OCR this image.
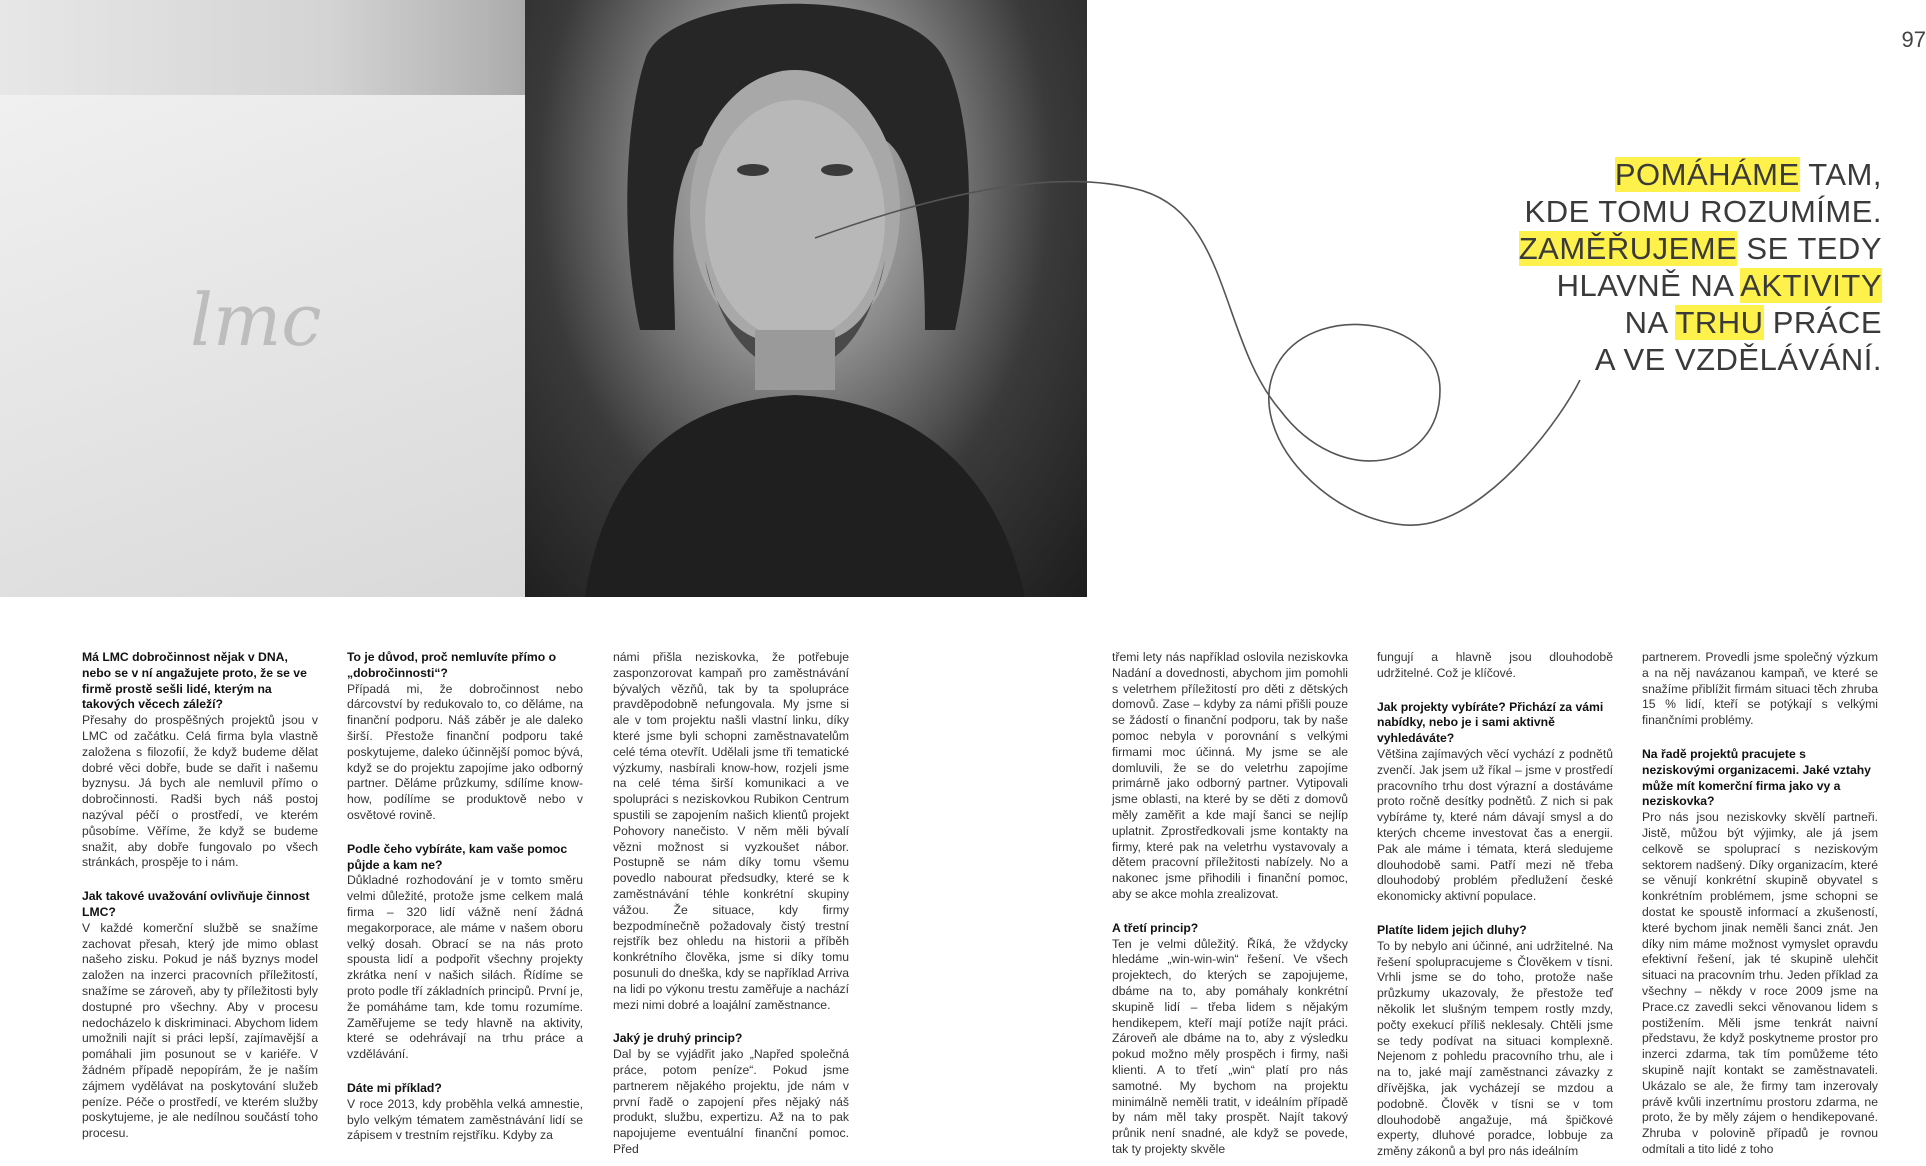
97
lmc
POMÁHÁME TAM,
KDE TOMU ROZUMÍME.
ZAMĚŘUJEME SE TEDY
HLAVNĚ NA AKTIVITY
NA TRHU PRÁCE
A VE VZDĚLÁVÁNÍ.

Má LMC dobročinnost nějak v DNA, nebo se v ní angažujete proto, že se ve firmě prostě sešli lidé, kterým na takových věcech záleží?

Přesahy do prospěšných projektů jsou v LMC od začátku. Celá firma byla vlastně založena s filozofií, že když budeme dělat dobré věci dobře, bude se dařit i našemu byznysu. Já bych ale nemluvil přímo o dobročinnosti. Radši bych náš postoj nazýval péčí o prostředí, ve kterém působíme. Věříme, že když se budeme snažit, aby dobře fungovalo po všech stránkách, prospěje to i nám.

Jak takové uvažování ovlivňuje činnost LMC?

V každé komerční službě se snažíme zachovat přesah, který jde mimo oblast našeho zisku. Pokud je náš byznys model založen na inzerci pracovních příležitostí, snažíme se zároveň, aby ty příležitosti byly dostupné pro všechny. Aby v procesu nedocházelo k diskriminaci. Abychom lidem umožnili najít si práci lepší, zajímavější a pomáhali jim posunout se v kariéře. V žádném případě nepopírám, že je naším zájmem vydělávat na poskytování služeb peníze. Péče o prostředí, ve kterém služby poskytujeme, je ale nedílnou součástí toho procesu.

To je důvod, proč nemluvíte přímo o „dobročinnosti“?

Případá mi, že dobročinnost nebo dárcovství by redukovalo to, co děláme, na finanční podporu. Náš záběr je ale daleko širší. Přestože finanční podporu také poskytujeme, daleko účinnější pomoc bývá, když se do projektu zapojíme jako odborný partner. Děláme průzkumy, sdílíme know-how, podílíme se produktově nebo v osvětové rovině.

Podle čeho vybíráte, kam vaše pomoc půjde a kam ne?

Důkladné rozhodování je v tomto směru velmi důležité, protože jsme celkem malá firma – 320 lidí vážně není žádná megakorporace, ale máme v našem oboru velký dosah. Obrací se na nás proto spousta lidí a podpořit všechny projekty zkrátka není v našich silách. Řídíme se proto podle tří základních principů. První je, že pomáháme tam, kde tomu rozumíme. Zaměřujeme se tedy hlavně na aktivity, které se odehrávají na trhu práce a vzdělávání.

Dáte mi příklad?

V roce 2013, kdy proběhla velká amnestie, bylo velkým tématem zaměstnávání lidí se zápisem v trestním rejstříku. Kdyby za

námi přišla neziskovka, že potřebuje zasponzorovat kampaň pro zaměstnávání bývalých vězňů, tak by ta spolupráce pravděpodobně nefungovala. My jsme si ale v tom projektu našli vlastní linku, díky které jsme byli schopni zaměstnavatelům celé téma otevřít. Udělali jsme tři tematické výzkumy, nasbírali know-how, rozjeli jsme na celé téma širší komunikaci a ve spolupráci s neziskovkou Rubikon Centrum spustili se zapojením našich klientů projekt Pohovory nanečisto. V něm měli bývalí vězni možnost si vyzkoušet nábor. Postupně se nám díky tomu všemu povedlo nabourat předsudky, které se k zaměstnávání téhle konkrétní skupiny vážou. Že situace, kdy firmy bezpodmínečně požadovaly čistý trestní rejstřík bez ohledu na historii a příběh konkrétního člověka, jsme si díky tomu posunuli do dneška, kdy se například Arriva na lidi po výkonu trestu zaměřuje a nachází mezi nimi dobré a loajální zaměstnance.

Jaký je druhý princip?

Dal by se vyjádřit jako „Napřed společná práce, potom peníze“. Pokud jsme partnerem nějakého projektu, jde nám v první řadě o zapojení přes nějaký náš produkt, službu, expertizu. Až na to pak napojujeme eventuální finanční pomoc. Před

třemi lety nás například oslovila neziskovka Nadání a dovednosti, abychom jim pomohli s veletrhem příležitostí pro děti z dětských domovů. Zase – kdyby za námi přišli pouze se žádostí o finanční podporu, tak by naše pomoc nebyla v porovnání s velkými firmami moc účinná. My jsme se ale domluvili, že se do veletrhu zapojíme primárně jako odborný partner. Vytipovali jsme oblasti, na které by se děti z domovů měly zaměřit a kde mají šanci se nejlíp uplatnit. Zprostředkovali jsme kontakty na firmy, které pak na veletrhu vystavovaly a dětem pracovní příležitosti nabízely. No a nakonec jsme přihodili i finanční pomoc, aby se akce mohla zrealizovat.

A třetí princip?

Ten je velmi důležitý. Říká, že vždycky hledáme „win-win-win“ řešení. Ve všech projektech, do kterých se zapojujeme, dbáme na to, aby pomáhaly konkrétní skupině lidí – třeba lidem s nějakým hendikepem, kteří mají potíže najít práci. Zároveň ale dbáme na to, aby z výsledku pokud možno měly prospěch i firmy, naši klienti. A to třetí „win“ platí pro nás samotné. My bychom na projektu minimálně neměli tratit, v ideálním případě by nám měl taky prospět. Najít takový průnik není snadné, ale když se povede, tak ty projekty skvěle

fungují a hlavně jsou dlouhodobě udržitelné. Což je klíčové.

Jak projekty vybíráte? Přichází za vámi nabídky, nebo je i sami aktivně vyhledáváte?

Většina zajímavých věcí vychází z podnětů zvenčí. Jak jsem už říkal – jsme v prostředí pracovního trhu dost výrazní a dostáváme proto ročně desítky podnětů. Z nich si pak vybíráme ty, které nám dávají smysl a do kterých chceme investovat čas a energii. Pak ale máme i témata, která sledujeme dlouhodobě sami. Patří mezi ně třeba dlouhodobý problém předlužení české ekonomicky aktivní populace.

Platíte lidem jejich dluhy?

To by nebylo ani účinné, ani udržitelné. Na řešení spolupracujeme s Člověkem v tísni. Vrhli jsme se do toho, protože naše průzkumy ukazovaly, že přestože teď několik let slušným tempem rostly mzdy, počty exekucí příliš neklesaly. Chtěli jsme se tedy podívat na situaci komplexně. Nejenom z pohledu pracovního trhu, ale i na to, jaké mají zaměstnanci závazky z dřívějška, jak vycházejí se mzdou a podobně. Člověk v tísni se v tom dlouhodobě angažuje, má špičkové experty, dluhové poradce, lobbuje za změny zákonů a byl pro nás ideálním

partnerem. Provedli jsme společný výzkum a na něj navázanou kampaň, ve které se snažíme přiblížit firmám situaci těch zhruba 15 % lidí, kteří se potýkají s velkými finančními problémy.

Na řadě projektů pracujete s neziskovými organizacemi. Jaké vztahy může mít komerční firma jako vy a neziskovka?

Pro nás jsou neziskovky skvělí partneři. Jistě, můžou být výjimky, ale já jsem celkově se spoluprací s neziskovým sektorem nadšený. Díky organizacím, které se věnují konkrétní skupině obyvatel s konkrétním problémem, jsme schopni se dostat ke spoustě informací a zkušeností, které bychom jinak neměli šanci znát. Jen díky nim máme možnost vymyslet opravdu efektivní řešení, jak té skupině ulehčit situaci na pracovním trhu. Jeden příklad za všechny – někdy v roce 2009 jsme na Prace.cz zavedli sekci věnovanou lidem s postižením. Měli jsme tenkrát naivní představu, že když poskytneme prostor pro inzerci zdarma, tak tím pomůžeme této skupině najít kontakt se zaměstnavateli. Ukázalo se ale, že firmy tam inzerovaly právě kvůli inzertnímu prostoru zdarma, ne proto, že by měly zájem o hendikepované. Zhruba v polovině případů je rovnou odmítali a tito lidé z toho
